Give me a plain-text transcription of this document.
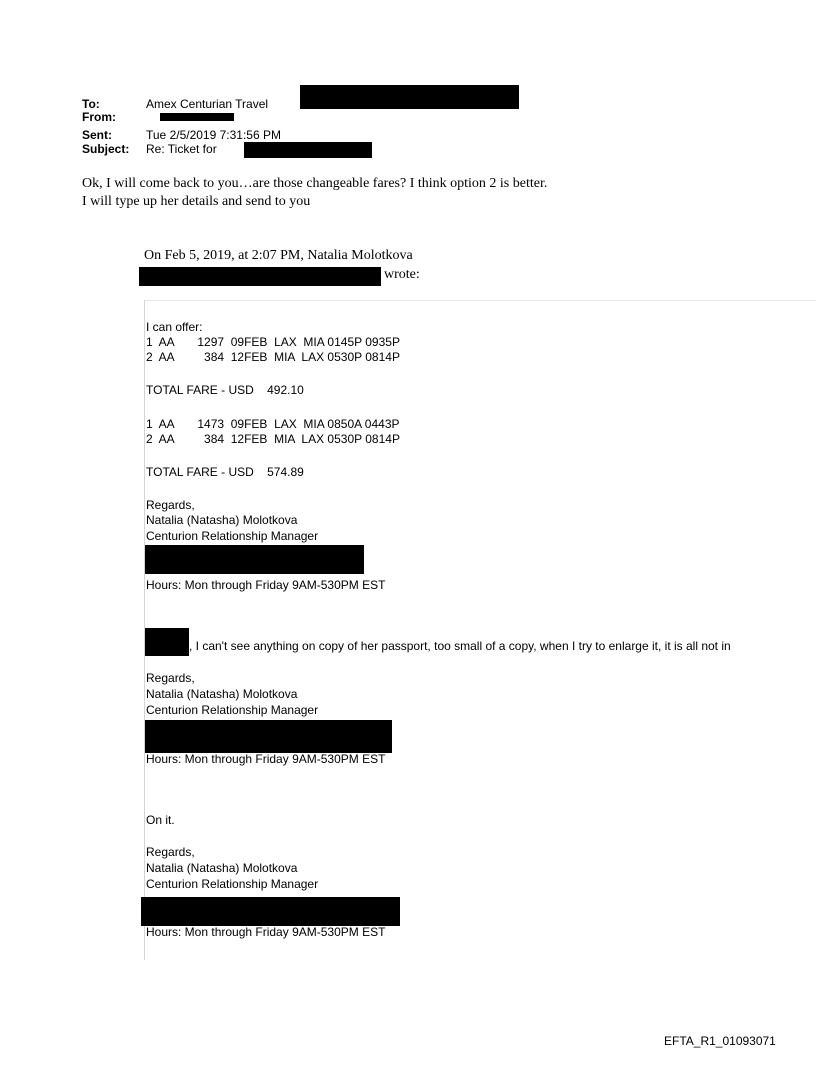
To:	Amex Centurian Travel
From:
Sent:	Tue 2/5/2019 7:31:56 PM
Subject: Re: Ticket for
Ok, I will come back to you…are those changeable fares? I think option 2 is better.
I will type up her details and send to you
On Feb 5, 2019, at 2:07 PM, Natalia Molotkova
wrote:
I can offer:
1  AA       1297  09FEB  LAX  MIA 0145P 0935P
2  AA         384  12FEB  MIA  LAX 0530P 0814P
TOTAL FARE - USD    492.10
1  AA       1473  09FEB  LAX  MIA 0850A 0443P
2  AA         384  12FEB  MIA  LAX 0530P 0814P
TOTAL FARE - USD    574.89
Regards,
Natalia (Natasha) Molotkova
Centurion Relationship Manager
Hours: Mon through Friday 9AM-530PM EST
, I can't see anything on copy of her passport, too small of a copy, when I try to enlarge it, it is all not in
Regards,
Natalia (Natasha) Molotkova
Centurion Relationship Manager
Hours: Mon through Friday 9AM-530PM EST
On it.
Regards,
Natalia (Natasha) Molotkova
Centurion Relationship Manager
Hours: Mon through Friday 9AM-530PM EST
EFTA_R1_01093071
